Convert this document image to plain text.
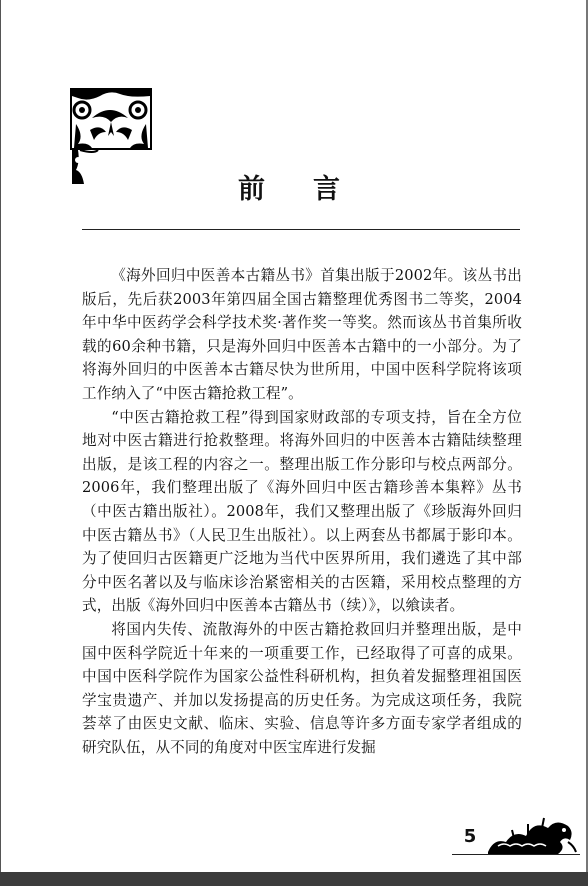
前 言

《海外回归中医善本古籍丛书》首集出版于2002年。该丛书出版后，先后获2003年第四届全国古籍整理优秀图书二等奖，2004年中华中医药学会科学技术奖·著作奖一等奖。然而该丛书首集所收载的60余种书籍，只是海外回归中医善本古籍中的一小部分。为了将海外回归的中医善本古籍尽快为世所用，中国中医科学院将该项工作纳入了“中医古籍抢救工程”。

“中医古籍抢救工程”得到国家财政部的专项支持，旨在全方位地对中医古籍进行抢救整理。将海外回归的中医善本古籍陆续整理出版，是该工程的内容之一。整理出版工作分影印与校点两部分。2006年，我们整理出版了《海外回归中医古籍珍善本集粹》丛书（中医古籍出版社）。2008年，我们又整理出版了《珍版海外回归中医古籍丛书》（人民卫生出版社）。以上两套丛书都属于影印本。为了使回归古医籍更广泛地为当代中医界所用，我们遴选了其中部分中医名著以及与临床诊治紧密相关的古医籍，采用校点整理的方式，出版《海外回归中医善本古籍丛书（续）》，以飨读者。

将国内失传、流散海外的中医古籍抢救回归并整理出版，是中国中医科学院近十年来的一项重要工作，已经取得了可喜的成果。中国中医科学院作为国家公益性科研机构，担负着发掘整理祖国医学宝贵遗产、并加以发扬提高的历史任务。为完成这项任务，我院荟萃了由医史文献、临床、实验、信息等许多方面专家学者组成的研究队伍，从不同的角度对中医宝库进行发掘

5
